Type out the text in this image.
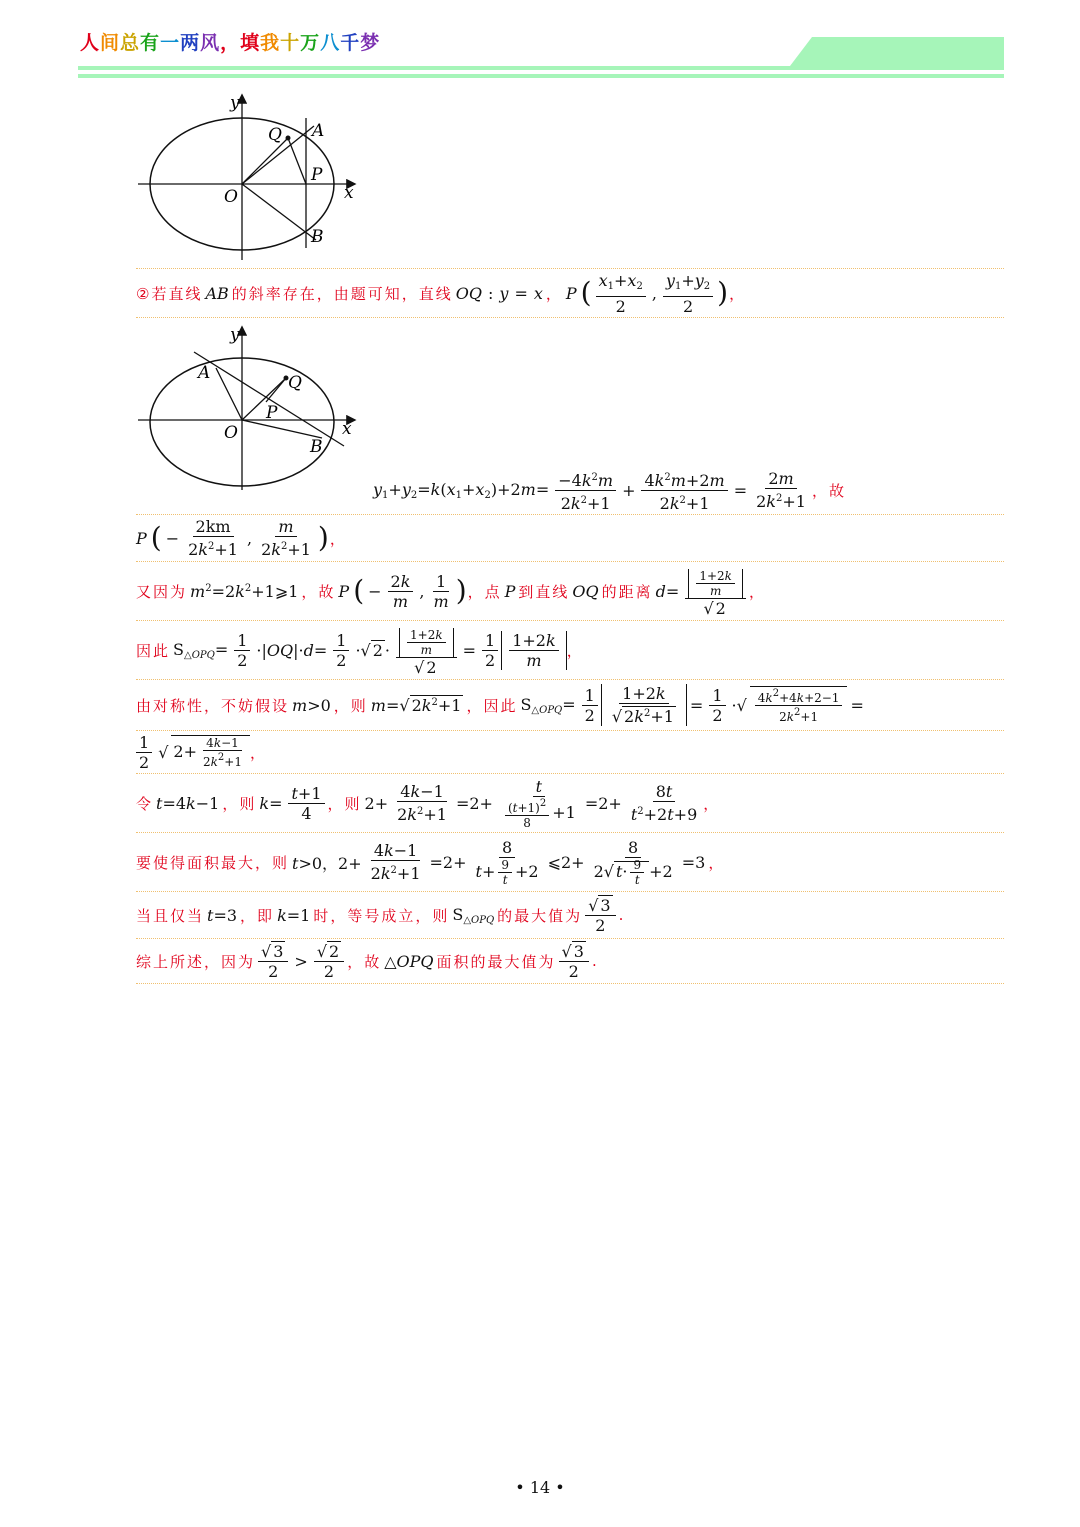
人间总有一两风，填我十万八千梦
y
x
O
Q A
P
B
②若直线 AB 的斜率存在，由题可知，直线 OQ : y = x ， P ( $\frac{x_1+x_2}{2}$ , $\frac{y_1+y_2}{2}$ ) ，
y
x
O
Q
A
P
B
$y_1+y_2=k(x_1+x_2)+2m= \frac{-4k^2m}{2k^2+1} + \frac{4k^2m+2m}{2k^2+1} = \frac{2m}{2k^2+1}$ ，故
P ( − $\frac{2km}{2k^2+1}$ , $\frac{m}{2k^2+1}$ ) ，
又因为 $m^2=2k^2+1⩾1$ ，故 P ( − $\frac{2k}{m}$ , $\frac{1}{m}$ ) ，点 P 到直线 OQ 的距离 $d= \frac{\frac{1+2k}{m}}{√ 2}$ ，
因此 $S_{\triangle OPQ}= \frac{1}{2} \cdot|OQ|\cdot d= \frac{1}{2}$ ·√ $2 \cdot \frac{\frac{1+2k}{m}}{√ 2} = \frac{1}{2} \frac{1+2k}{m}$ ，
由对称性，不妨假设 m>0 ，则 m=√ $2k^2+1$ ，因此 $S_{\triangle OPQ}= \frac{1}{2} \frac{1+2k}{√ 2k^2+1} = \frac{1}{2}$ ·√ $\frac{4k^2+4k+2-1}{2k^2+1}$ =
$\frac{1}{2}$ √ $2+ \frac{4k-1}{2k^2+1}$ ，
令 t=4k−1 ，则 $k= \frac{t+1}{4}$ ，则 $2+ \frac{4k-1}{2k^2+1} =2+ \frac{t}{\frac{(t+1)^2}{8} +1} =2+ \frac{8t}{t^2+2t+9}$ ，
要使得面积最大，则 t>0，$2+ \frac{4k-1}{2k^2+1} =2+ \frac{8}{t+ \frac{9}{t} +2}$ ⩽2+ $\frac{8}{2√ t\cdot \frac{9}{t} +2} =3$ ，
当且仅当 t=3 ，即 k=1 时，等号成立，则 $S_{\triangle OPQ}$ 的最大值为 $\frac{√ 3}{2}$ .
综上所述，因为 $\frac{√ 3}{2} > \frac{√ 2}{2}$ ，故 △OPQ 面积的最大值为 $\frac{√ 3}{2}$ .
• 14 •
